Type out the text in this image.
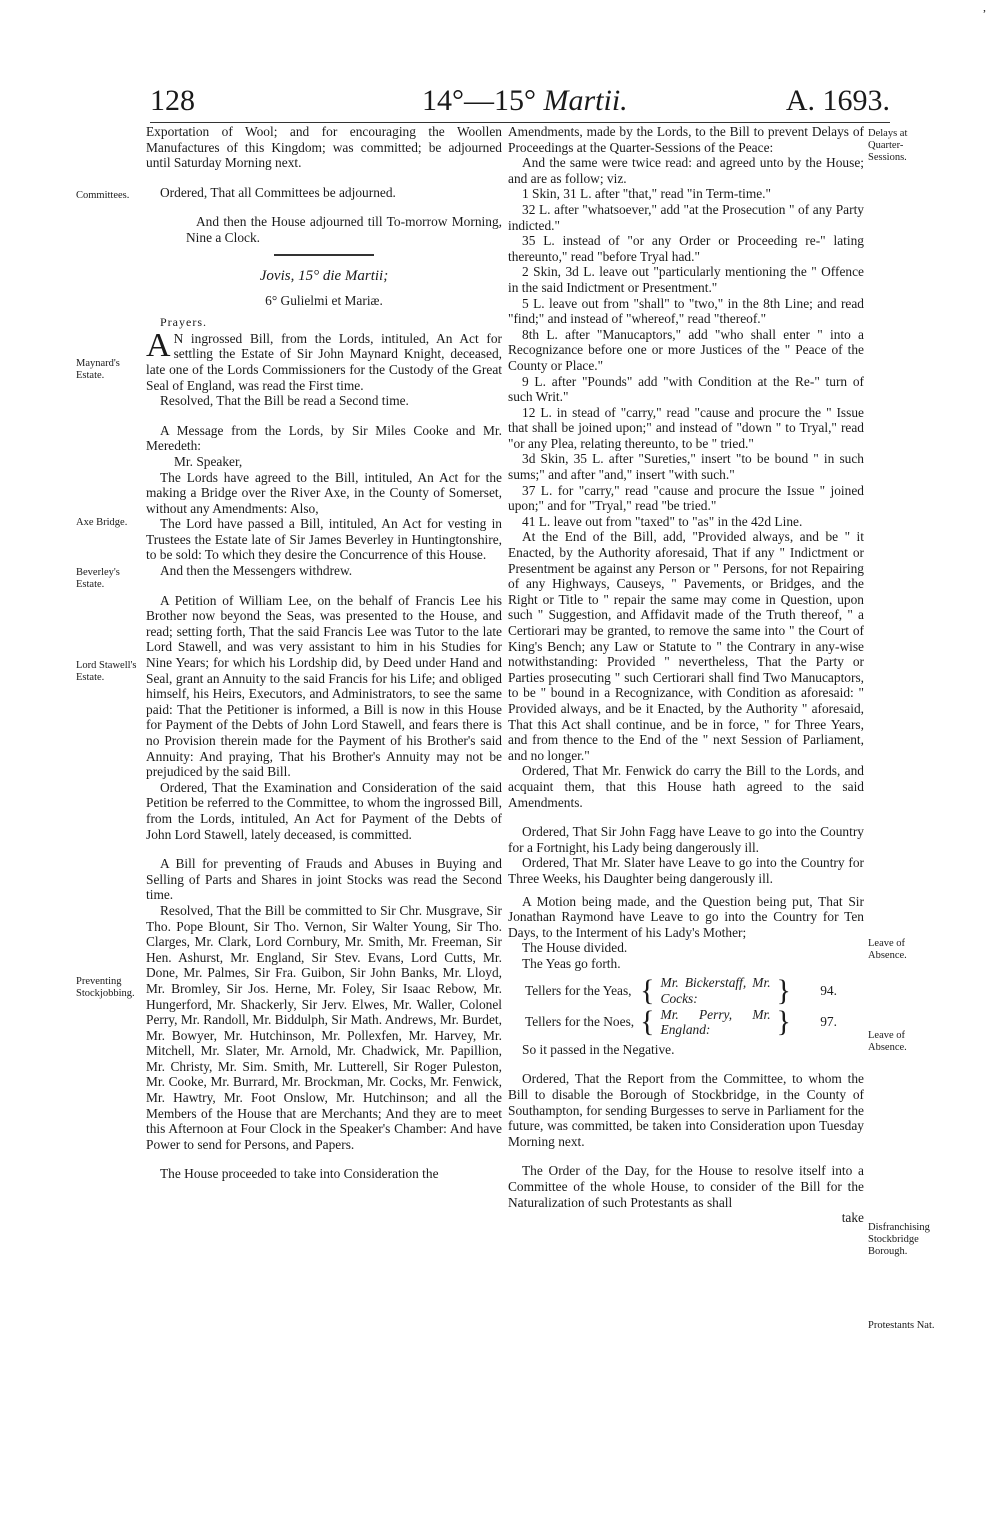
,
128	14°—15° Martii.	A. 1693.

Exportation of Wool; and for encouraging the Woollen Manufactures of this Kingdom; was committed; be adjourned until Saturday Morning next.

Ordered, That all Committees be adjourned.

And then the House adjourned till To-morrow Morning, Nine a Clock.

Jovis, 15° die Martii;

6° Gulielmi et Mariæ.

Prayers.

A N ingrossed Bill, from the Lords, intituled, An Act for settling the Estate of Sir John Maynard Knight, deceased, late one of the Lords Commissioners for the Custody of the Great Seal of England, was read the First time.

Resolved, That the Bill be read a Second time.

A Message from the Lords, by Sir Miles Cooke and Mr. Meredeth:

Mr. Speaker,

The Lords have agreed to the Bill, intituled, An Act for the making a Bridge over the River Axe, in the County of Somerset, without any Amendments: Also,

The Lord have passed a Bill, intituled, An Act for vesting in Trustees the Estate late of Sir James Beverley in Huntingtonshire, to be sold: To which they desire the Concurrence of this House.

And then the Messengers withdrew.

A Petition of William Lee, on the behalf of Francis Lee his Brother now beyond the Seas, was presented to the House, and read; setting forth, That the said Francis Lee was Tutor to the late Lord Stawell, and was very assistant to him in his Studies for Nine Years; for which his Lordship did, by Deed under Hand and Seal, grant an Annuity to the said Francis for his Life; and obliged himself, his Heirs, Executors, and Administrators, to see the same paid: That the Petitioner is informed, a Bill is now in this House for Payment of the Debts of John Lord Stawell, and fears there is no Provision therein made for the Payment of his Brother's said Annuity: And praying, That his Brother's Annuity may not be prejudiced by the said Bill.

Ordered, That the Examination and Consideration of the said Petition be referred to the Committee, to whom the ingrossed Bill, from the Lords, intituled, An Act for Payment of the Debts of John Lord Stawell, lately deceased, is committed.

A Bill for preventing of Frauds and Abuses in Buying and Selling of Parts and Shares in joint Stocks was read the Second time.

Resolved, That the Bill be committed to Sir Chr. Musgrave, Sir Tho. Pope Blount, Sir Tho. Vernon, Sir Walter Young, Sir Tho. Clarges, Mr. Clark, Lord Cornbury, Mr. Smith, Mr. Freeman, Sir Hen. Ashurst, Mr. England, Sir Stev. Evans, Lord Cutts, Mr. Done, Mr. Palmes, Sir Fra. Guibon, Sir John Banks, Mr. Lloyd, Mr. Bromley, Sir Jos. Herne, Mr. Foley, Sir Isaac Rebow, Mr. Hungerford, Mr. Shackerly, Sir Jerv. Elwes, Mr. Waller, Colonel Perry, Mr. Randoll, Mr. Biddulph, Sir Math. Andrews, Mr. Burdet, Mr. Bowyer, Mr. Hutchinson, Mr. Pollexfen, Mr. Harvey, Mr. Mitchell, Mr. Slater, Mr. Arnold, Mr. Chadwick, Mr. Papillion, Mr. Christy, Mr. Sim. Smith, Mr. Lutterell, Sir Roger Puleston, Mr. Cooke, Mr. Burrard, Mr. Brockman, Mr. Cocks, Mr. Fenwick, Mr. Hawtry, Mr. Foot Onslow, Mr. Hutchinson; and all the Members of the House that are Merchants; And they are to meet this Afternoon at Four Clock in the Speaker's Chamber: And have Power to send for Persons, and Papers.

The House proceeded to take into Consideration the

Amendments, made by the Lords, to the Bill to prevent Delays of Proceedings at the Quarter-Sessions of the Peace:

And the same were twice read: and agreed unto by the House; and are as follow; viz.

1 Skin, 31 L. after "that," read "in Term-time."

32 L. after "whatsoever," add "at the Prosecution " of any Party indicted."

35 L. instead of "or any Order or Proceeding re-" lating thereunto," read "before Tryal had."

2 Skin, 3d L. leave out "particularly mentioning the " Offence in the said Indictment or Presentment."

5 L. leave out from "shall" to "two," in the 8th Line; and read "find;" and instead of "whereof," read "thereof."

8th L. after "Manucaptors," add "who shall enter " into a Recognizance before one or more Justices of the " Peace of the County or Place."

9 L. after "Pounds" add "with Condition at the Re-" turn of such Writ."

12 L. in stead of "carry," read "cause and procure the " Issue that shall be joined upon;" and instead of "down " to Tryal," read "or any Plea, relating thereunto, to be " tried."

3d Skin, 35 L. after "Sureties," insert "to be bound " in such sums;" and after "and," insert "with such."

37 L. for "carry," read "cause and procure the Issue " joined upon;" and for "Tryal," read "be tried."

41 L. leave out from "taxed" to "as" in the 42d Line.

At the End of the Bill, add, "Provided always, and be " it Enacted, by the Authority aforesaid, That if any " Indictment or Presentment be against any Person or " Persons, for not Repairing of any Highways, Causeys, " Pavements, or Bridges, and the Right or Title to " repair the same may come in Question, upon such " Suggestion, and Affidavit made of the Truth thereof, " a Certiorari may be granted, to remove the same into " the Court of King's Bench; any Law or Statute to " the Contrary in any-wise notwithstanding: Provided " nevertheless, That the Party or Parties prosecuting " such Certiorari shall find Two Manucaptors, to be " bound in a Recognizance, with Condition as aforesaid: " Provided always, and be it Enacted, by the Authority " aforesaid, That this Act shall continue, and be in force, " for Three Years, and from thence to the End of the " next Session of Parliament, and no longer."

Ordered, That Mr. Fenwick do carry the Bill to the Lords, and acquaint them, that this House hath agreed to the said Amendments.

Ordered, That Sir John Fagg have Leave to go into the Country for a Fortnight, his Lady being dangerously ill.

Ordered, That Mr. Slater have Leave to go into the Country for Three Weeks, his Daughter being dangerously ill.

A Motion being made, and the Question being put, That Sir Jonathan Raymond have Leave to go into the Country for Ten Days, to the Interment of his Lady's Mother;

The House divided.

The Yeas go forth.

Tellers for the Yeas,	{	Mr. Bickerstaff, Mr. Cocks:	}	94.
Tellers for the Noes,	{	Mr. Perry, Mr. England:	}	97.

So it passed in the Negative.

Ordered, That the Report from the Committee, to whom the Bill to disable the Borough of Stockbridge, in the County of Southampton, for sending Burgesses to serve in Parliament for the future, was committed, be taken into Consideration upon Tuesday Morning next.

The Order of the Day, for the House to resolve itself into a Committee of the whole House, to consider of the Bill for the Naturalization of such Protestants as shall

take

Committees.
Maynard's Estate.
Axe Bridge.
Beverley's Estate.
Lord Stawell's Estate.
Preventing Stockjobbing.
Delays at Quarter-Sessions.
Leave of Absence.
Leave of Absence.
Disfranchising Stockbridge Borough.
Protestants Nat.
